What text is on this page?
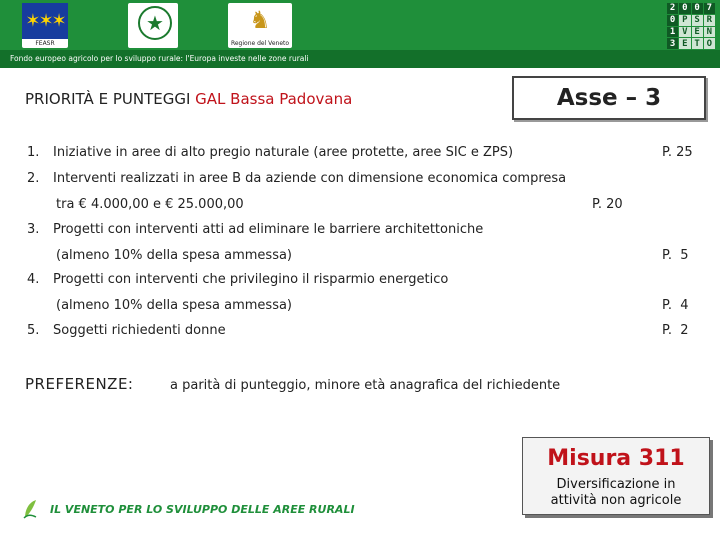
✶✶✶
FEASR
★	♞
Regione del Veneto
2 0 0 7
0 P S R
1 V E N
3 E T O
Fondo europeo agricolo per lo sviluppo rurale: l'Europa investe nelle zone rurali
PRIORITÀ E PUNTEGGI GAL Bassa Padovana	Asse – 3
1. Iniziative in aree di alto pregio naturale (aree protette, aree SIC e ZPS)	P. 25
2. Interventi realizzati in aree B da aziende con dimensione economica compresa
tra € 4.000,00 e € 25.000,00	P. 20
3. Progetti con interventi atti ad eliminare le barriere architettoniche
(almeno 10% della spesa ammessa)	P.  5
4. Progetti con interventi che privilegino il risparmio energetico
(almeno 10% della spesa ammessa)	P.  4
5. Soggetti richiedenti donne	P.  2
PREFERENZE:	a parità di punteggio, minore età anagrafica del richiedente
Misura 311
Diversificazione in
attività non agricole
IL VENETO PER LO SVILUPPO DELLE AREE RURALI
